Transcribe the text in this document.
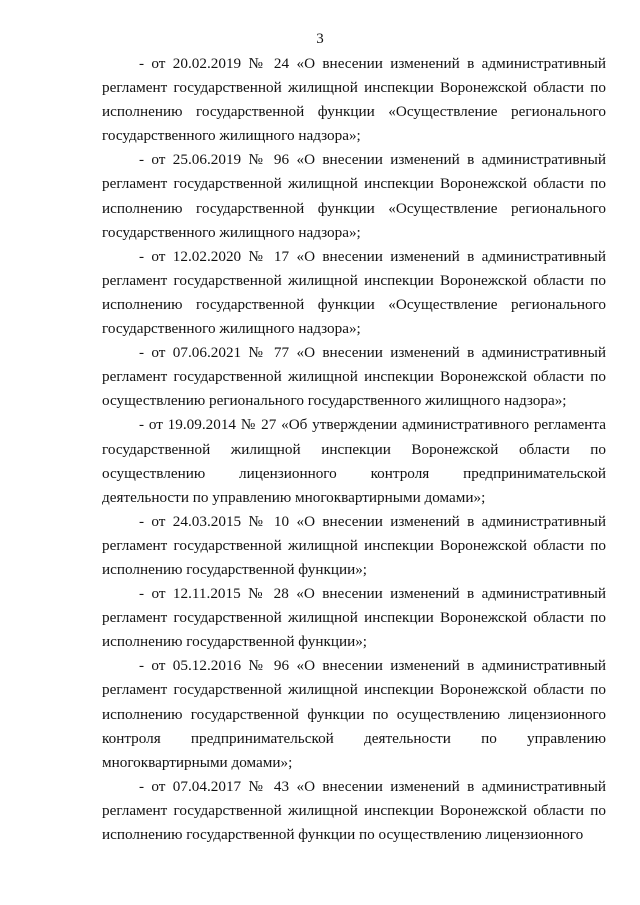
3

- от 20.02.2019 № 24 «О внесении изменений в административный регламент государственной жилищной инспекции Воронежской области по исполнению государственной функции «Осуществление регионального государственного жилищного надзора»;

- от 25.06.2019 № 96 «О внесении изменений в административный регламент государственной жилищной инспекции Воронежской области по исполнению государственной функции «Осуществление регионального государственного жилищного надзора»;

- от 12.02.2020 № 17 «О внесении изменений в административный регламент государственной жилищной инспекции Воронежской области по исполнению государственной функции «Осуществление регионального государственного жилищного надзора»;

- от 07.06.2021 № 77 «О внесении изменений в административный регламент государственной жилищной инспекции Воронежской области по осуществлению регионального государственного жилищного надзора»;

- от 19.09.2014 № 27 «Об утверждении административного регламента государственной жилищной инспекции Воронежской области по осуществлению лицензионного контроля предпринимательской деятельности по управлению многоквартирными домами»;

- от 24.03.2015 № 10 «О внесении изменений в административный регламент государственной жилищной инспекции Воронежской области по исполнению государственной функции»;

- от 12.11.2015 № 28 «О внесении изменений в административный регламент государственной жилищной инспекции Воронежской области по исполнению государственной функции»;

- от 05.12.2016 № 96 «О внесении изменений в административный регламент государственной жилищной инспекции Воронежской области по исполнению государственной функции по осуществлению лицензионного контроля предпринимательской деятельности по управлению многоквартирными домами»;

- от 07.04.2017 № 43 «О внесении изменений в административный регламент государственной жилищной инспекции Воронежской области по исполнению государственной функции по осуществлению лицензионного
